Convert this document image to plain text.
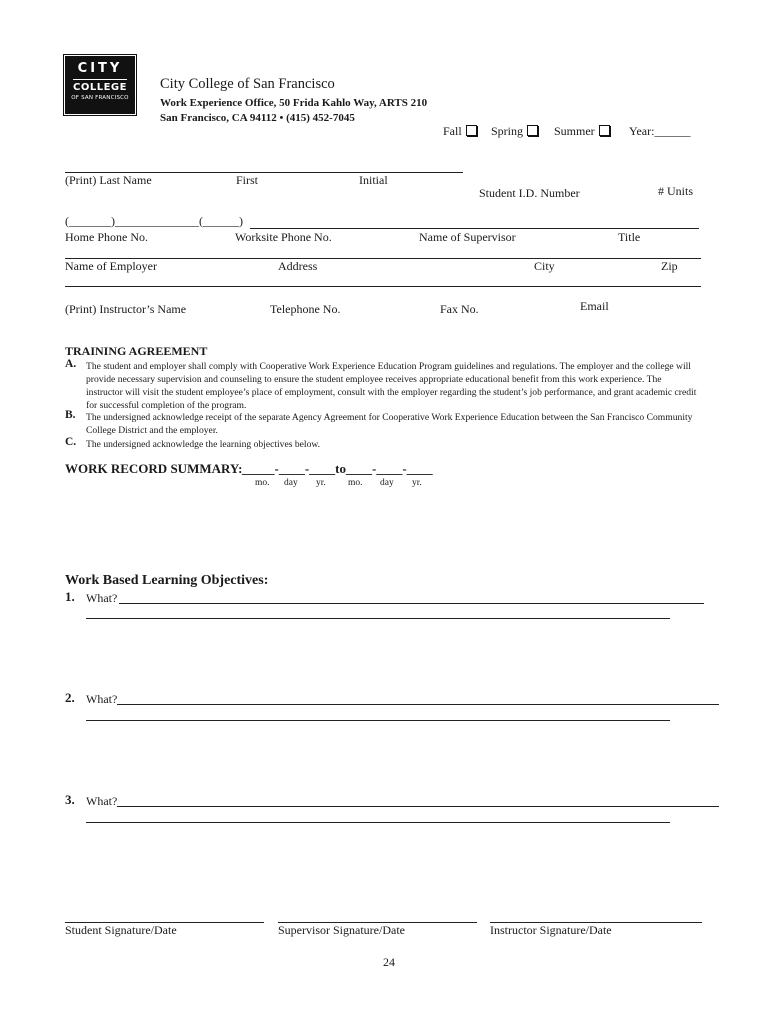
CITY
COLLEGE
OF SAN FRANCISCO
City College of San Francisco
Work Experience Office, 50 Frida Kahlo Way, ARTS 210
San Francisco, CA 94112 • (415) 452-7045
Fall	Spring	Summer	Year:______
(Print) Last Name	First	Initial
Student I.D. Number	# Units
(_______)______________(______)
Home Phone No.	Worksite Phone No.	Name of Supervisor	Title
Name of Employer	Address	City	Zip
(Print) Instructor’s Name	Telephone No.	Fax No.	Email
TRAINING AGREEMENT
A. The student and employer shall comply with Cooperative Work Experience Education Program guidelines and regulations. The employer and the college will provide necessary supervision and counseling to ensure the student employee receives appropriate educational benefit from this work experience. The instructor will visit the student employee’s place of employment, consult with the employer regarding the student’s job performance, and grant academic credit for successful completion of the program.
B. The undersigned acknowledge receipt of the separate Agency Agreement for Cooperative Work Experience Education between the San Francisco Community College District and the employer.
C. The undersigned acknowledge the learning objectives below.
WORK RECORD SUMMARY: _____-____-____to____-____-____
mo. day yr. mo. day yr.
Work Based Learning Objectives:
1. What?
2. What?
3. What?
Student Signature/Date	Supervisor Signature/Date	Instructor Signature/Date
24
